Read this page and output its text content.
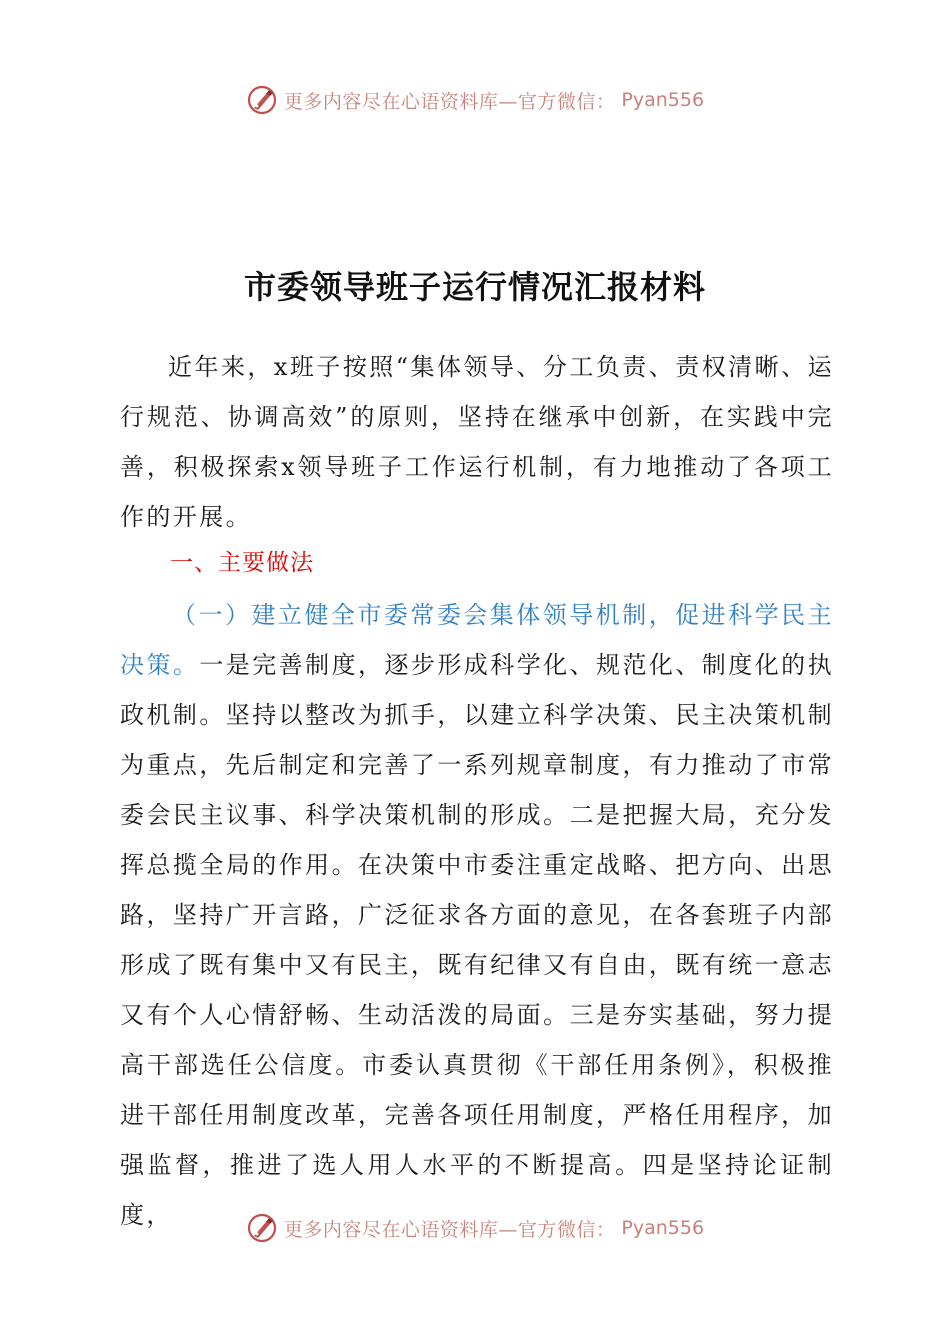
更多内容尽在心语资料库—官方微信： Pyan556
市委领导班子运行情况汇报材料

近年来，x班子按照“集体领导、分工负责、责权清晰、运行规范、协调高效”的原则，坚持在继承中创新，在实践中完善，积极探索x领导班子工作运行机制，有力地推动了各项工作的开展。

一、主要做法

（一）建立健全市委常委会集体领导机制，促进科学民主决策。一是完善制度，逐步形成科学化、规范化、制度化的执政机制。坚持以整改为抓手，以建立科学决策、民主决策机制为重点，先后制定和完善了一系列规章制度，有力推动了市常委会民主议事、科学决策机制的形成。二是把握大局，充分发挥总揽全局的作用。在决策中市委注重定战略、把方向、出思路，坚持广开言路，广泛征求各方面的意见，在各套班子内部形成了既有集中又有民主，既有纪律又有自由，既有统一意志又有个人心情舒畅、生动活泼的局面。三是夯实基础，努力提高干部选任公信度。市委认真贯彻《干部任用条例》，积极推进干部任用制度改革，完善各项任用制度，严格任用程序，加强监督，推进了选人用人水平的不断提高。四是坚持论证制度，

更多内容尽在心语资料库—官方微信： Pyan556
